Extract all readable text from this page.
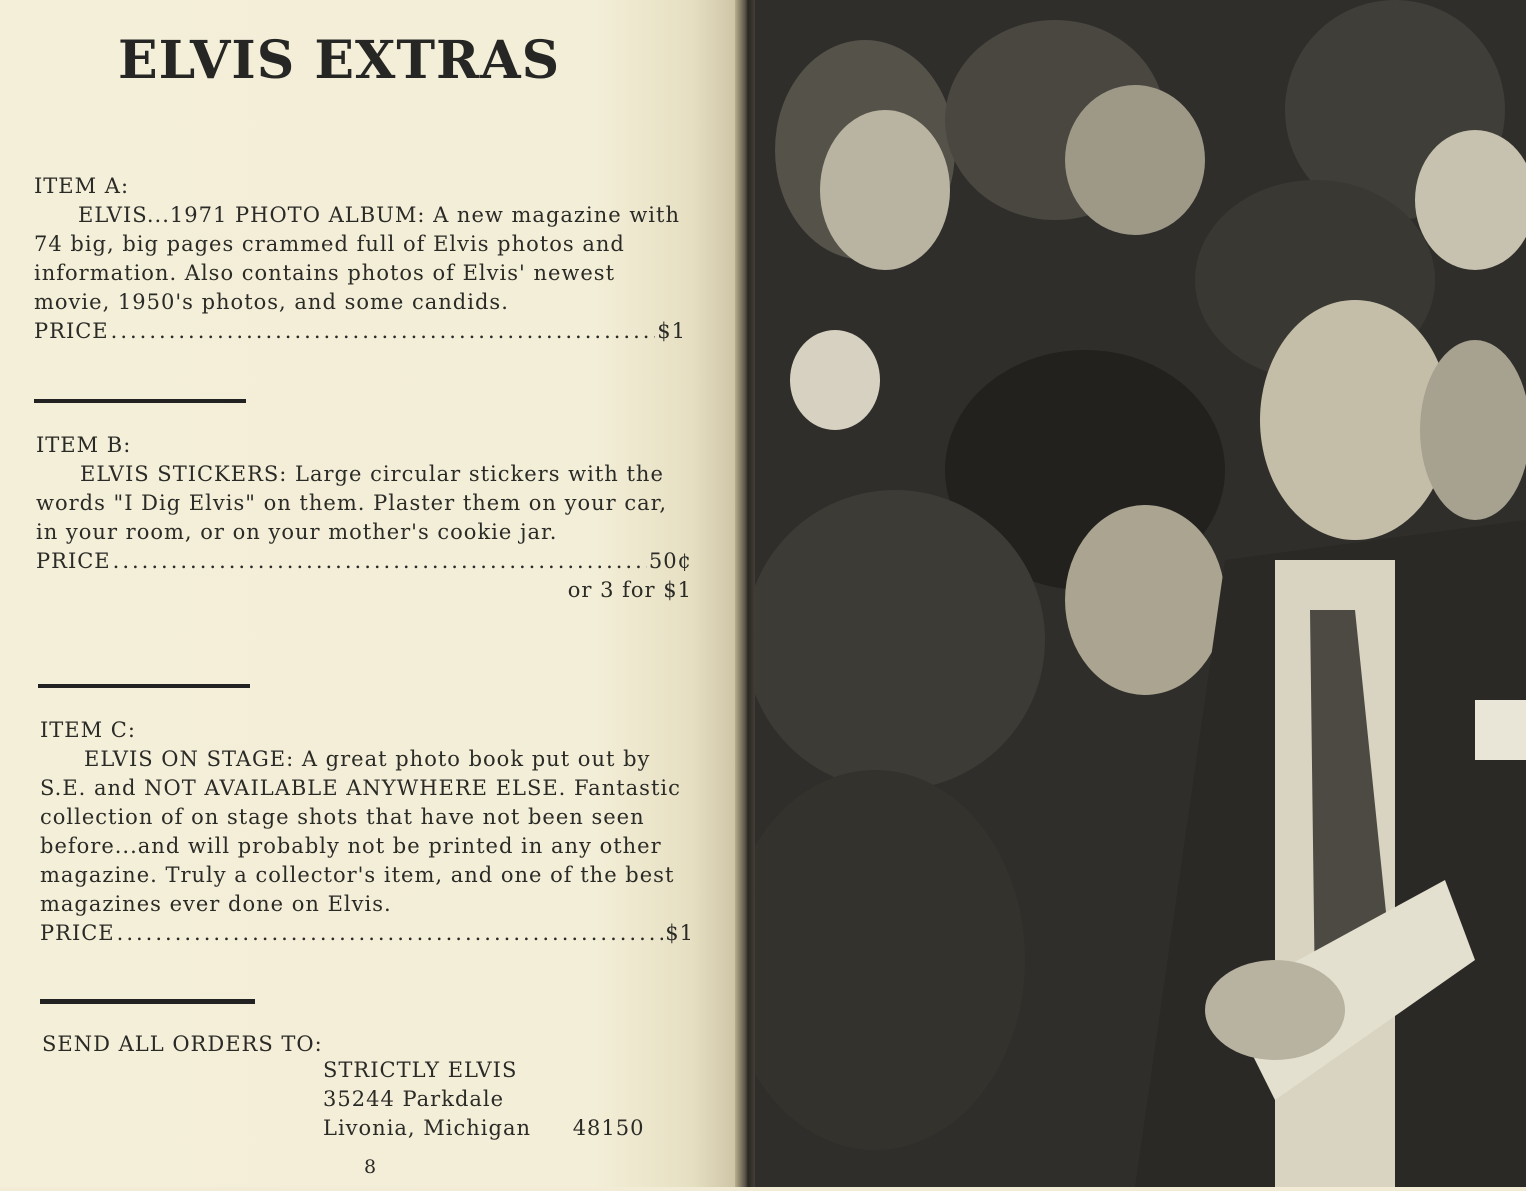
ELVIS EXTRAS
ITEM A:

ELVIS...1971 PHOTO ALBUM: A new magazine with 74 big, big pages crammed full of Elvis photos and information. Also contains photos of Elvis' newest movie, 1950's photos, and some candids.

PRICE .....	$1
ITEM B:

ELVIS STICKERS: Large circular stickers with the words "I Dig Elvis" on them. Plaster them on your car, in your room, or on your mother's cookie jar.

PRICE .....	50¢
or 3 for $1
ITEM C:

ELVIS ON STAGE: A great photo book put out by S.E. and NOT AVAILABLE ANYWHERE ELSE. Fantastic collection of on stage shots that have not been seen before...and will probably not be printed in any other magazine. Truly a collector's item, and one of the best magazines ever done on Elvis.

PRICE .....	$1
SEND ALL ORDERS TO:
STRICTLY ELVIS
35244 Parkdale
Livonia, Michigan 48150
8
